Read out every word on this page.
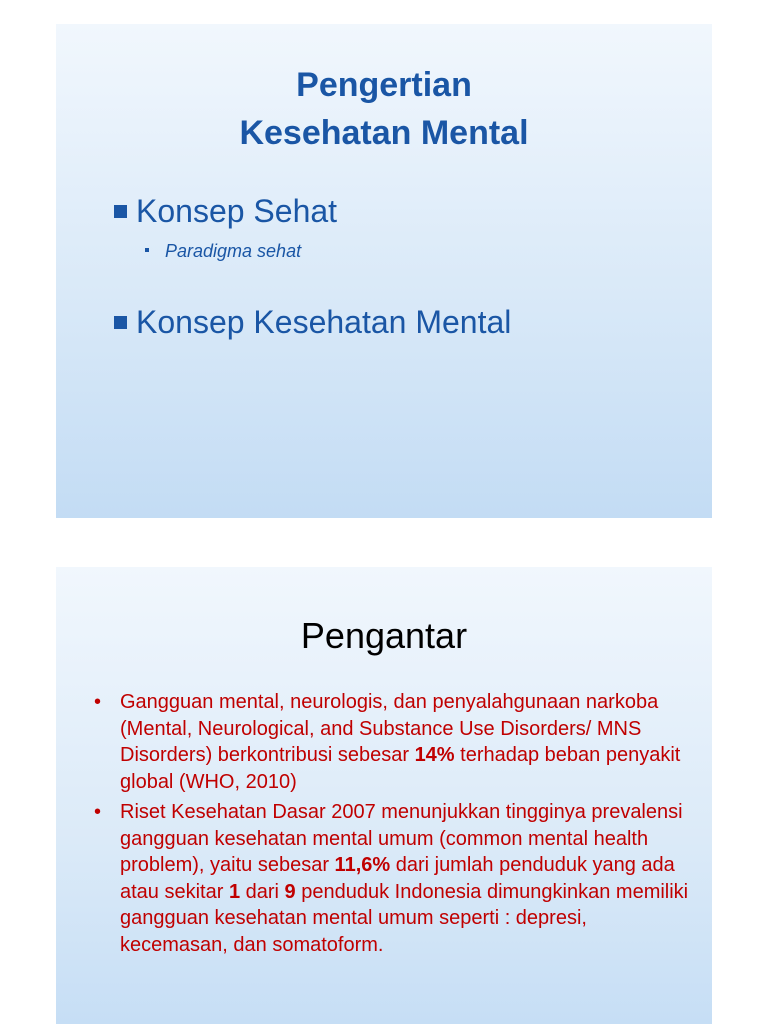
Pengertian
Kesehatan Mental
Konsep Sehat
Paradigma sehat
Konsep Kesehatan Mental
Pengantar
• Gangguan mental, neurologis, dan penyalahgunaan narkoba (Mental, Neurological, and Substance Use Disorders/ MNS Disorders) berkontribusi sebesar 14% terhadap beban penyakit global (WHO, 2010)
• Riset Kesehatan Dasar 2007 menunjukkan tingginya prevalensi gangguan kesehatan mental umum (common mental health problem), yaitu sebesar 11,6% dari jumlah penduduk yang ada atau sekitar 1 dari 9 penduduk Indonesia dimungkinkan memiliki gangguan kesehatan mental umum seperti : depresi, kecemasan, dan somatoform.
